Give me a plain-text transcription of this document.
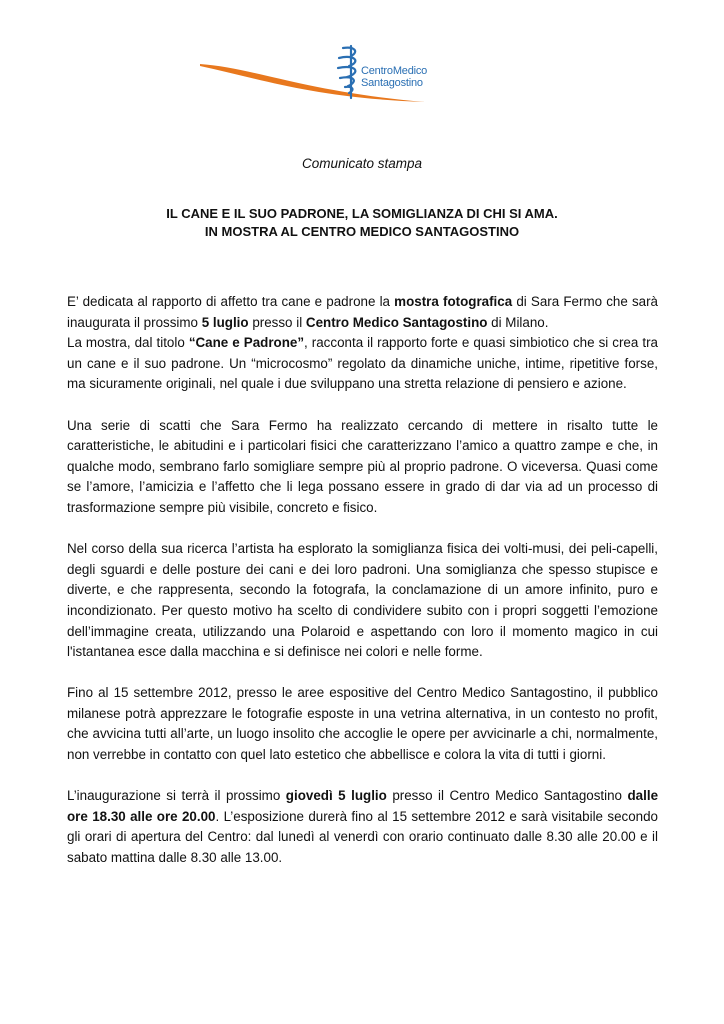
CentroMedico
Santagostino
Comunicato stampa
IL CANE E IL SUO PADRONE, LA SOMIGLIANZA DI CHI SI AMA.
IN MOSTRA AL CENTRO MEDICO SANTAGOSTINO

E’ dedicata al rapporto di affetto tra cane e padrone la mostra fotografica di Sara Fermo che sarà inaugurata il prossimo 5 luglio presso il Centro Medico Santagostino di Milano.

La mostra, dal titolo “Cane e Padrone”, racconta il rapporto forte e quasi simbiotico che si crea tra un cane e il suo padrone. Un “microcosmo” regolato da dinamiche uniche, intime, ripetitive forse, ma sicuramente originali, nel quale i due sviluppano una stretta relazione di pensiero e azione.

Una serie di scatti che Sara Fermo ha realizzato cercando di mettere in risalto tutte le caratteristiche, le abitudini e i particolari fisici che caratterizzano l’amico a quattro zampe e che, in qualche modo, sembrano farlo somigliare sempre più al proprio padrone. O viceversa. Quasi come se l’amore, l’amicizia e l’affetto che li lega possano essere in grado di dar via ad un processo di trasformazione sempre più visibile, concreto e fisico.

Nel corso della sua ricerca l’artista ha esplorato la somiglianza fisica dei volti-musi, dei peli-capelli, degli sguardi e delle posture dei cani e dei loro padroni. Una somiglianza che spesso stupisce e diverte, e che rappresenta, secondo la fotografa, la conclamazione di un amore infinito, puro e incondizionato. Per questo motivo ha scelto di condividere subito con i propri soggetti l’emozione dell’immagine creata, utilizzando una Polaroid e aspettando con loro il momento magico in cui l'istantanea esce dalla macchina e si definisce nei colori e nelle forme.

Fino al 15 settembre 2012, presso le aree espositive del Centro Medico Santagostino, il pubblico milanese potrà apprezzare le fotografie esposte in una vetrina alternativa, in un contesto no profit, che avvicina tutti all’arte, un luogo insolito che accoglie le opere per avvicinarle a chi, normalmente, non verrebbe in contatto con quel lato estetico che abbellisce e colora la vita di tutti i giorni.

L’inaugurazione si terrà il prossimo giovedì 5 luglio presso il Centro Medico Santagostino dalle ore 18.30 alle ore 20.00. L’esposizione durerà fino al 15 settembre 2012 e sarà visitabile secondo gli orari di apertura del Centro: dal lunedì al venerdì con orario continuato dalle 8.30 alle 20.00 e il sabato mattina dalle 8.30 alle 13.00.
